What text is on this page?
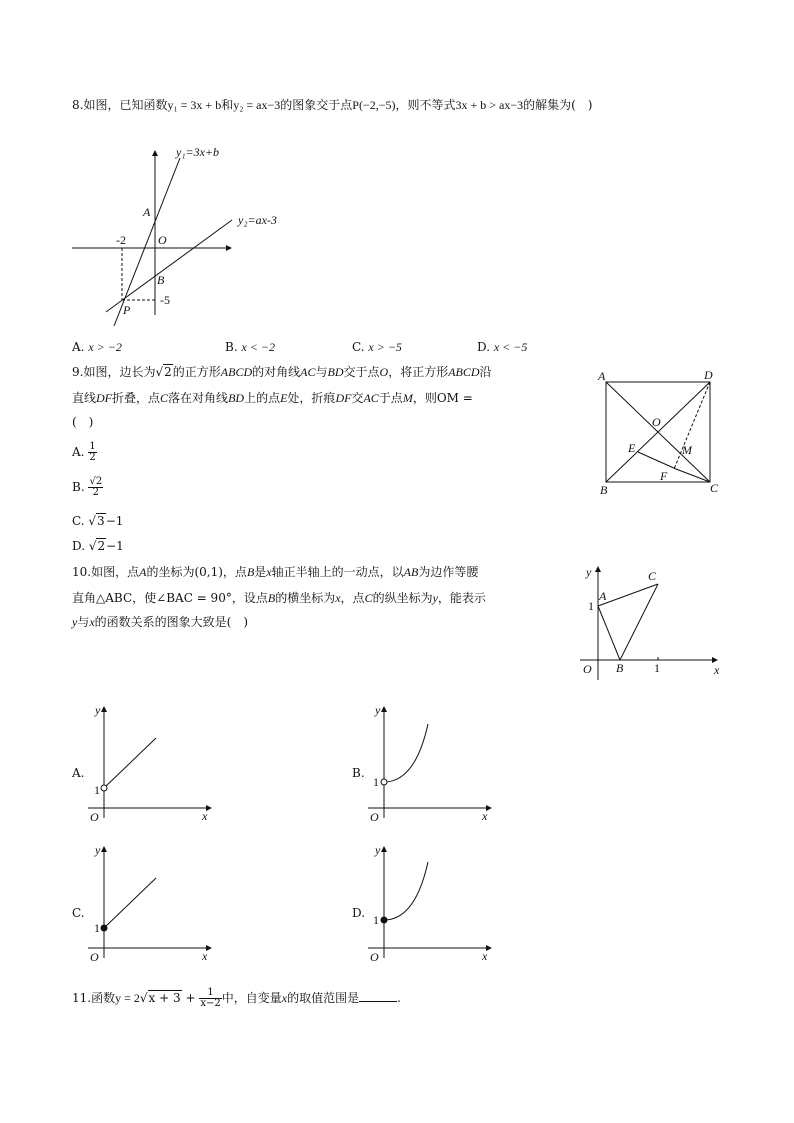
8.如图，已知函数y₁ = 3x + b和y₂ = ax−3的图象交于点P(−2,−5)，则不等式3x + b > ax−3的解集为(　)
y₁=3x+b
y₂=ax-3
A
O
-2
B
-5
P
A. x > −2	B. x < −2	C. x > −5	D. x < −5
9.如图，边长为√2的正方形ABCD的对角线AC与BD交于点O，将正方形ABCD沿
直线DF折叠，点C落在对角线BD上的点E处，折痕DF交AC于点M，则OM =
(　)
A. $\frac{1}{2}$
B. $\frac{√2}{2}$
C. √3−1
D. √2−1
A	D
O
E	M
F
B	C
10.如图，点A的坐标为(0,1)，点B是x轴正半轴上的一动点，以AB为边作等腰
直角△ABC，使∠BAC = 90°，设点B的横坐标为x，点C的纵坐标为y，能表示
y与x的函数关系的图象大致是(　)
y	C
1
A
O B	1	x
A.
y
1
O	x
B.
y
1
O	x
C.
y
1
O	x
D.
y
1
O	x
11.函数$y = 2√x + 3 + \frac{1}{x-2}$ 中，自变量x的取值范围是	.
